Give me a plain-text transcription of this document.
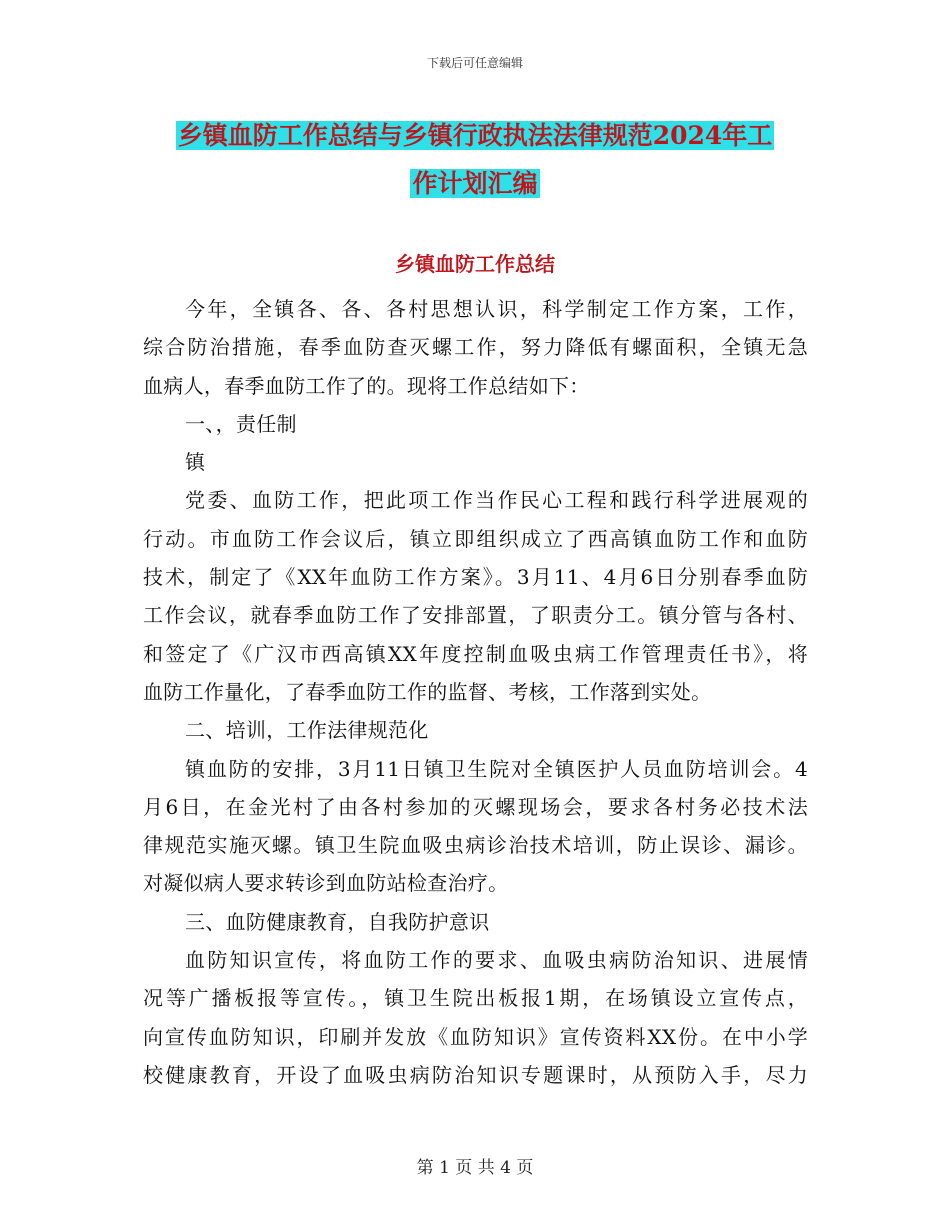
下载后可任意编辑
乡镇血防工作总结与乡镇行政执法法律规范2024年工
作计划汇编
乡镇血防工作总结
今年，全镇各、各、各村思想认识，科学制定工作方案，工作，
综合防治措施，春季血防查灭螺工作，努力降低有螺面积，全镇无急
血病人，春季血防工作了的。现将工作总结如下：
一、，责任制
镇
党委、血防工作，把此项工作当作民心工程和践行科学进展观的
行动。市血防工作会议后，镇立即组织成立了西高镇血防工作和血防
技术，制定了《XX年血防工作方案》。3月11、4月6日分别春季血防
工作会议，就春季血防工作了安排部置，了职责分工。镇分管与各村、
和签定了《广汉市西高镇XX年度控制血吸虫病工作管理责任书》，将
血防工作量化，了春季血防工作的监督、考核，工作落到实处。
二、培训，工作法律规范化
镇血防的安排，3月11日镇卫生院对全镇医护人员血防培训会。4
月6日，在金光村了由各村参加的灭螺现场会，要求各村务必技术法
律规范实施灭螺。镇卫生院血吸虫病诊治技术培训，防止误诊、漏诊。
对凝似病人要求转诊到血防站检查治疗。
三、血防健康教育，自我防护意识
血防知识宣传，将血防工作的要求、血吸虫病防治知识、进展情
况等广播板报等宣传。，镇卫生院出板报1期，在场镇设立宣传点，
向宣传血防知识，印刷并发放《血防知识》宣传资料XX份。在中小学
校健康教育，开设了血吸虫病防治知识专题课时，从预防入手，尽力
第 1 页 共 4 页
